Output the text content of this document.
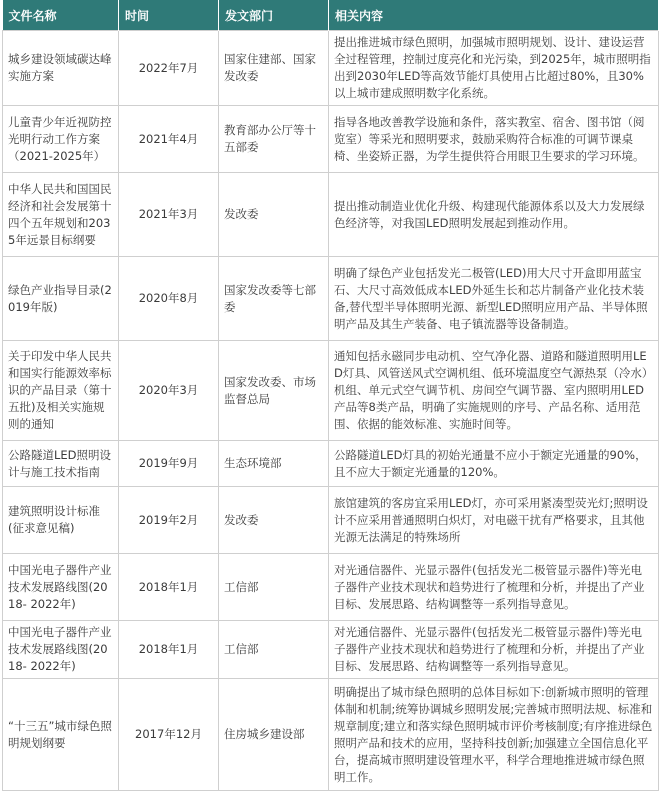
文件名称	时间	发文部门	相关内容
城乡建设领域碳达峰实施方案	2022年7月	国家住建部、国家发改委	提出推进城市绿色照明，加强城市照明规划、设计、建设运营全过程管理，控制过度亮化和光污染，到2025年，城市照明指出到2030年LED等高效节能灯具使用占比超过80%，且30%以上城市建成照明数字化系统。
儿童青少年近视防控光明行动工作方案（2021-2025年）	2021年4月	教育部办公厅等十五部委	指导各地改善教学设施和条件，落实教室、宿舍、图书馆（阅览室）等采光和照明要求，鼓励采购符合标准的可调节课桌椅、坐姿矫正器，为学生提供符合用眼卫生要求的学习环境。
中华人民共和国国民经济和社会发展第十四个五年规划和2035年远景目标纲要	2021年3月	发改委	提出推动制造业优化升级、构建现代能源体系以及大力发展绿色经济等，对我国LED照明发展起到推动作用。
绿色产业指导目录(2019年版)	2020年8月	国家发改委等七部委	明确了绿色产业包括发光二极管(LED)用大尺寸开盒即用蓝宝石、大尺寸高效低成本LED外延生长和芯片制备产业化技术装备,替代型半导体照明光源、新型LED照明应用产品、半导体照明产品及其生产装备、电子镇流器等设备制造。
关于印发中华人民共和国实行能源效率标识的产品目录（第十五批)及相关实施规则的通知	2020年3月	国家发改委、市场监督总局	通知包括永磁同步电动机、空气净化器、道路和隧道照明用LED灯具、风管送风式空调机组、低环境温度空气源热泵（冷水）机组、单元式空气调节机、房间空气调节器、室内照明用LED产品等8类产品，明确了实施规则的序号、产品名称、适用范围、依据的能效标准、实施时间等。
公路隧道LED照明设计与施工技术指南	2019年9月	生态环境部	公路隧道LED灯具的初始光通量不应小于额定光通量的90%，且不应大于额定光通量的120%。
建筑照明设计标准(征求意见稿)	2019年2月	发改委	旅馆建筑的客房宜采用LED灯，亦可采用紧凑型荧光灯;照明设计不应采用普通照明白炽灯，对电磁干扰有严格要求，且其他光源无法满足的特殊场所
中国光电子器件产业技术发展路线图(2018- 2022年)	2018年1月	工信部	对光通信器件、光显示器件(包括发光二极管显示器件)等光电子器件产业技术现状和趋势进行了梳理和分析，并提出了产业目标、发展思路、结构调整等一系列指导意见。
中国光电子器件产业技术发展路线图(2018- 2022年)	2018年1月	工信部	对光通信器件、光显示器件(包括发光二极管显示器件)等光电子器件产业技术现状和趋势进行了梳理和分析，并提出了产业目标、发展思路、结构调整等一系列指导意见。
“十三五”城市绿色照明规划纲要	2017年12月	住房城乡建设部	明确提出了城市绿色照明的总体目标如下:创新城市照明的管理体制和机制;统筹协调城乡照明发展;完善城市照明法规、标准和规章制度;建立和落实绿色照明城市评价考核制度;有序推进绿色照明产品和技术的应用，坚持科技创新;加强建立全国信息化平台，提高城市照明建设管理水平，科学合理地推进城市绿色照明工作。
